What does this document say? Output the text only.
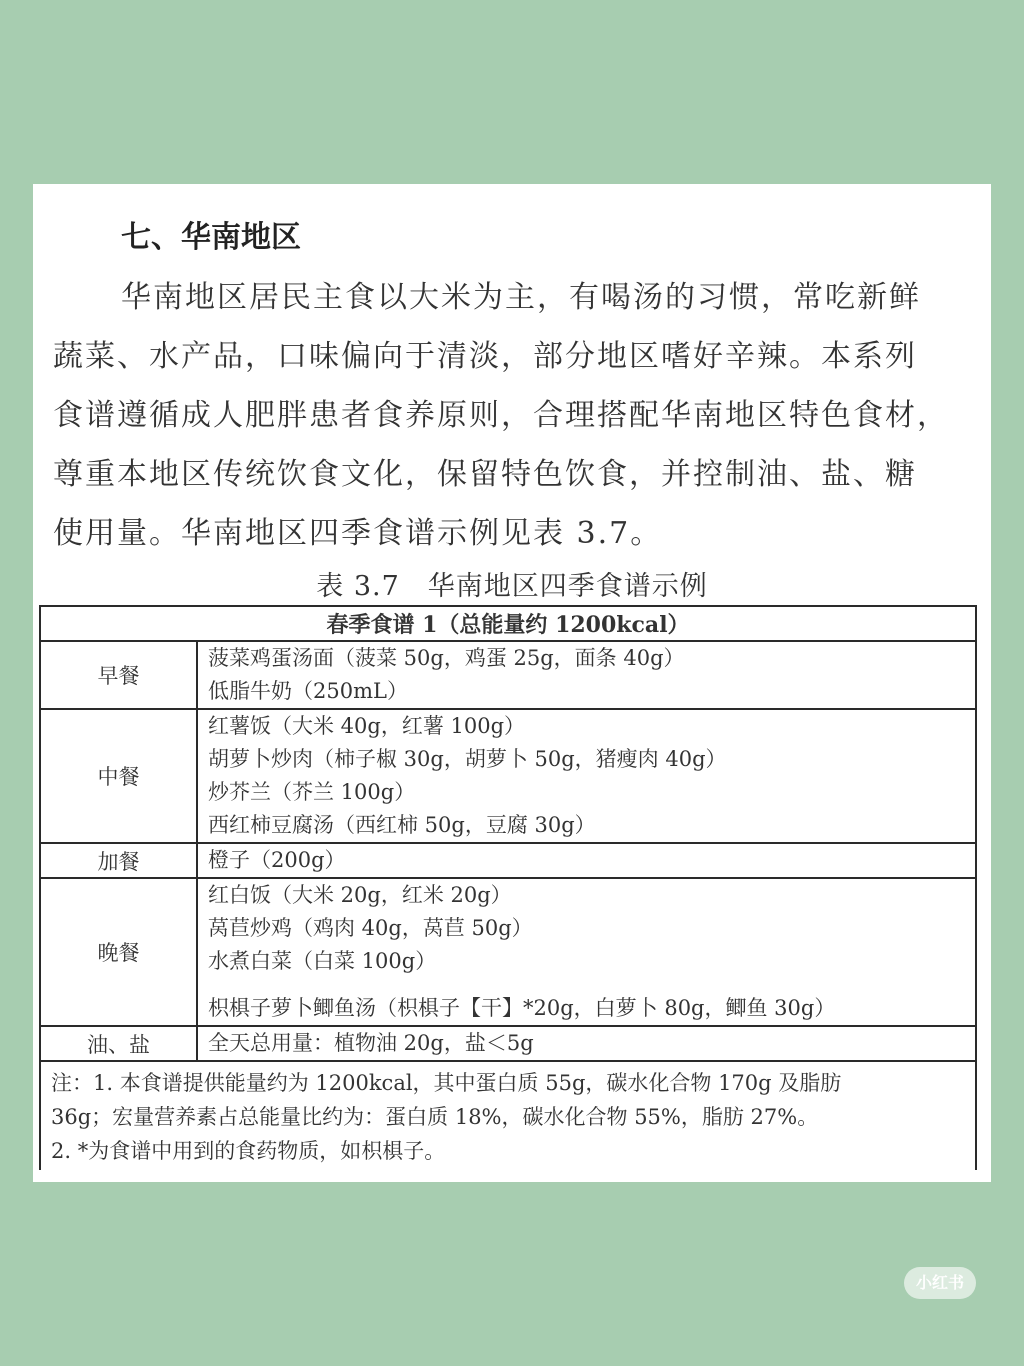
七、华南地区
华南地区居民主食以大米为主，有喝汤的习惯，常吃新鲜
蔬菜、水产品，口味偏向于清淡，部分地区嗜好辛辣。本系列
食谱遵循成人肥胖患者食养原则，合理搭配华南地区特色食材，
尊重本地区传统饮食文化，保留特色饮食，并控制油、盐、糖
使用量。华南地区四季食谱示例见表 3.7。
表 3.7　华南地区四季食谱示例
春季食谱 1（总能量约 1200kcal）	
早餐	菠菜鸡蛋汤面（菠菜 50g，鸡蛋 25g，面条 40g）
低脂牛奶（250mL）

中餐	红薯饭（大米 40g，红薯 100g）
胡萝卜炒肉（柿子椒 30g，胡萝卜 50g，猪瘦肉 40g）
炒芥兰（芥兰 100g）
西红柿豆腐汤（西红柿 50g，豆腐 30g）

加餐	橙子（200g）

晚餐	红白饭（大米 20g，红米 20g）
莴苣炒鸡（鸡肉 40g，莴苣 50g）
水煮白菜（白菜 100g）
枳椇子萝卜鲫鱼汤（枳椇子【干】*20g，白萝卜 80g，鲫鱼 30g）

油、盐	全天总用量：植物油 20g，盐＜5g

注：1. 本食谱提供能量约为 1200kcal，其中蛋白质 55g，碳水化合物 170g 及脂肪
36g；宏量营养素占总能量比约为：蛋白质 18%，碳水化合物 55%，脂肪 27%。
2. *为食谱中用到的食药物质，如枳椇子。	
小红书
